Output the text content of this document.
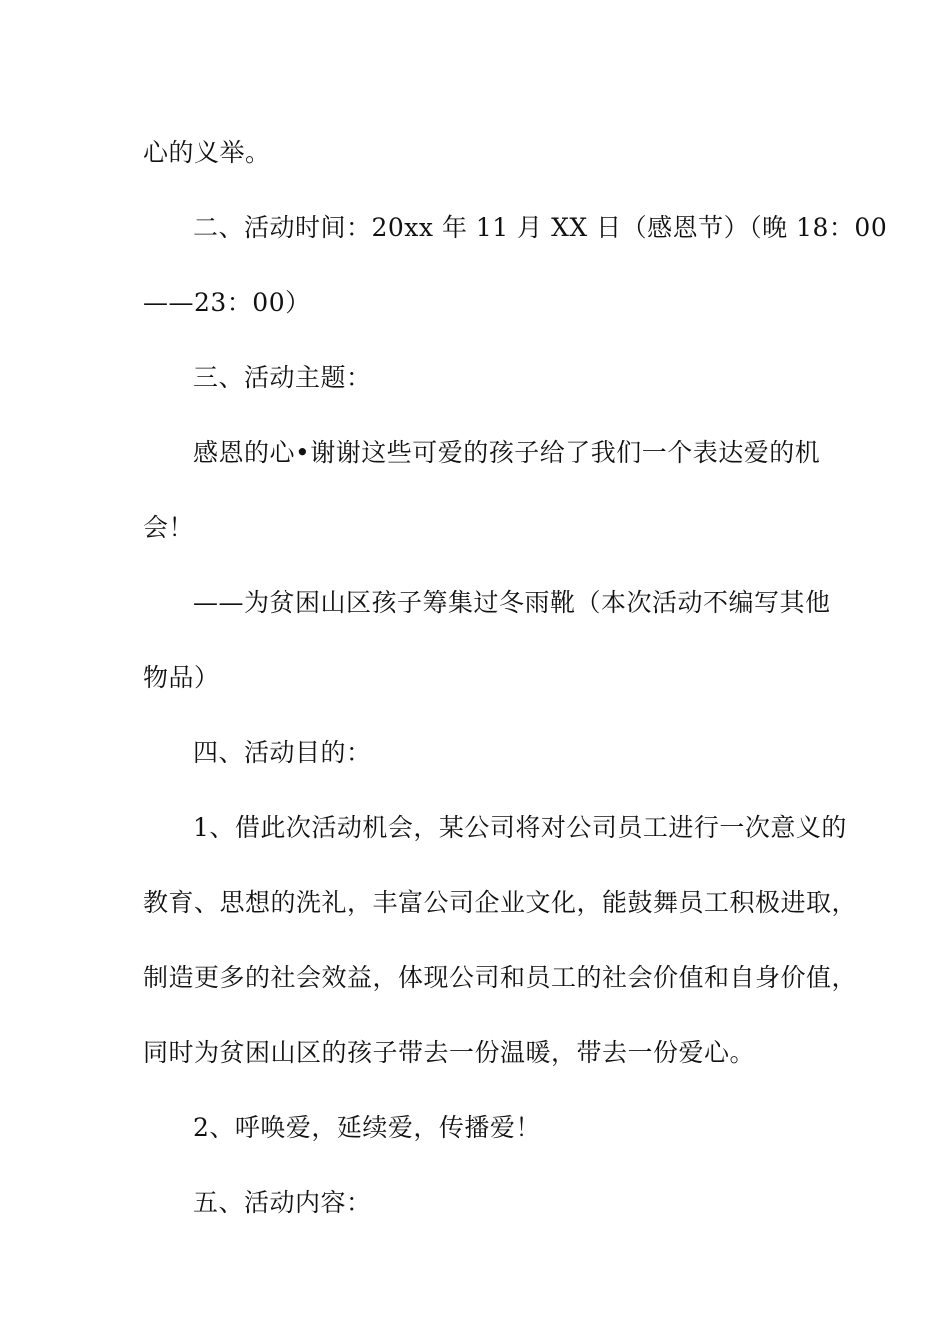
心的义举。
二、活动时间：20xx 年 11 月 XX 日（感恩节）（晚 18：00
——23：00）
三、活动主题：
感恩的心•谢谢这些可爱的孩子给了我们一个表达爱的机
会！
——为贫困山区孩子筹集过冬雨靴（本次活动不编写其他
物品）
四、活动目的：
1、借此次活动机会，某公司将对公司员工进行一次意义的
教育、思想的洗礼，丰富公司企业文化，能鼓舞员工积极进取，
制造更多的社会效益，体现公司和员工的社会价值和自身价值，
同时为贫困山区的孩子带去一份温暖，带去一份爱心。
2、呼唤爱，延续爱，传播爱！
五、活动内容：
